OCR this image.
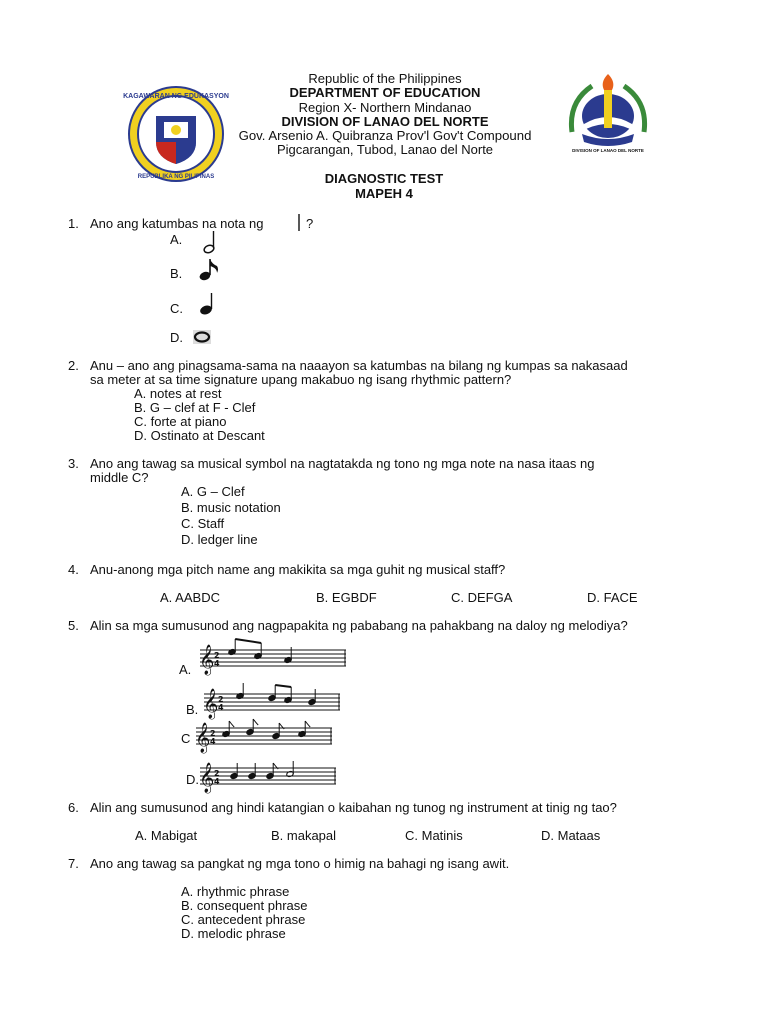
KAGAWARAN NG EDUKASYON
REPUBLIKA NG PILIPINAS
DIVISION OF LANAO DEL NORTE
Republic of the Philippines
DEPARTMENT OF EDUCATION
Region X- Northern Mindanao
DIVISION OF LANAO DEL NORTE
Gov. Arsenio A. Quibranza Prov'l Gov't Compound
Pigcarangan, Tubod, Lanao del Norte
DIAGNOSTIC TEST
MAPEH 4
1. Ano ang katumbas na nota ng	?
A.
B.
C.
D.
2. Anu – ano ang pinagsama-sama na naaayon sa katumbas na bilang ng kumpas sa nakasaad
sa meter at sa time signature upang makabuo ng isang rhythmic pattern?
A. notes at rest
B. G – clef at F - Clef
C. forte at piano
D. Ostinato at Descant
3. Ano ang tawag sa musical symbol na nagtatakda ng tono ng mga note na nasa itaas ng
middle C?
A. G – Clef
B. music notation
C. Staff
D. ledger line
4. Anu-anong mga pitch name ang makikita sa mga guhit ng musical staff?
A. AABDC	B. EGBDF	C. DEFGA	D. FACE
5. Alin sa mga sumusunod ang nagpapakita ng pababang na pahakbang na daloy ng melodiya?
A.
B.
C
D.
𝄞 2
4
𝄞 2
4
𝄞 2
4
𝄞 2
4
6. Alin ang sumusunod ang hindi katangian o kaibahan ng tunog ng instrument at tinig ng tao?
A. Mabigat	B. makapal	C. Matinis	D. Mataas
7. Ano ang tawag sa pangkat ng mga tono o himig na bahagi ng isang awit.
A. rhythmic phrase
B. consequent phrase
C. antecedent phrase
D. melodic phrase
